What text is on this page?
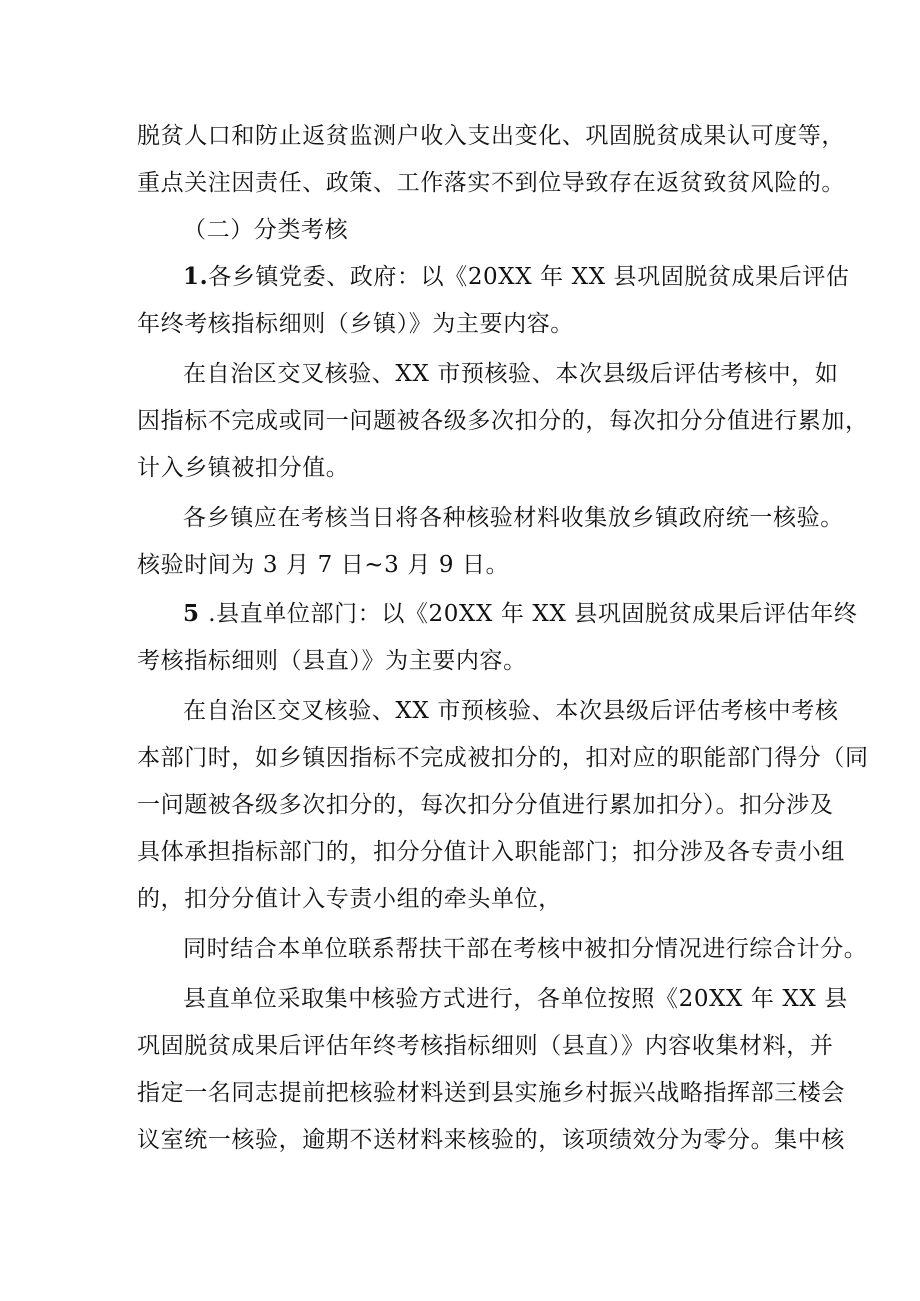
脱贫人口和防止返贫监测户收入支出变化、巩固脱贫成果认可度等，
重点关注因责任、政策、工作落实不到位导致存在返贫致贫风险的。
（二）分类考核
1.各乡镇党委、政府：以《20XX 年 XX 县巩固脱贫成果后评估
年终考核指标细则（乡镇）》为主要内容。
在自治区交叉核验、XX 市预核验、本次县级后评估考核中，如
因指标不完成或同一问题被各级多次扣分的，每次扣分分值进行累加，
计入乡镇被扣分值。
各乡镇应在考核当日将各种核验材料收集放乡镇政府统一核验。
核验时间为 3 月 7 日~3 月 9 日。
5 .县直单位部门：以《20XX 年 XX 县巩固脱贫成果后评估年终
考核指标细则（县直）》为主要内容。
在自治区交叉核验、XX 市预核验、本次县级后评估考核中考核
本部门时，如乡镇因指标不完成被扣分的，扣对应的职能部门得分（同
一问题被各级多次扣分的，每次扣分分值进行累加扣分）。扣分涉及
具体承担指标部门的，扣分分值计入职能部门；扣分涉及各专责小组
的，扣分分值计入专责小组的牵头单位，
同时结合本单位联系帮扶干部在考核中被扣分情况进行综合计分。
县直单位采取集中核验方式进行，各单位按照《20XX 年 XX 县
巩固脱贫成果后评估年终考核指标细则（县直）》内容收集材料，并
指定一名同志提前把核验材料送到县实施乡村振兴战略指挥部三楼会
议室统一核验，逾期不送材料来核验的，该项绩效分为零分。集中核
